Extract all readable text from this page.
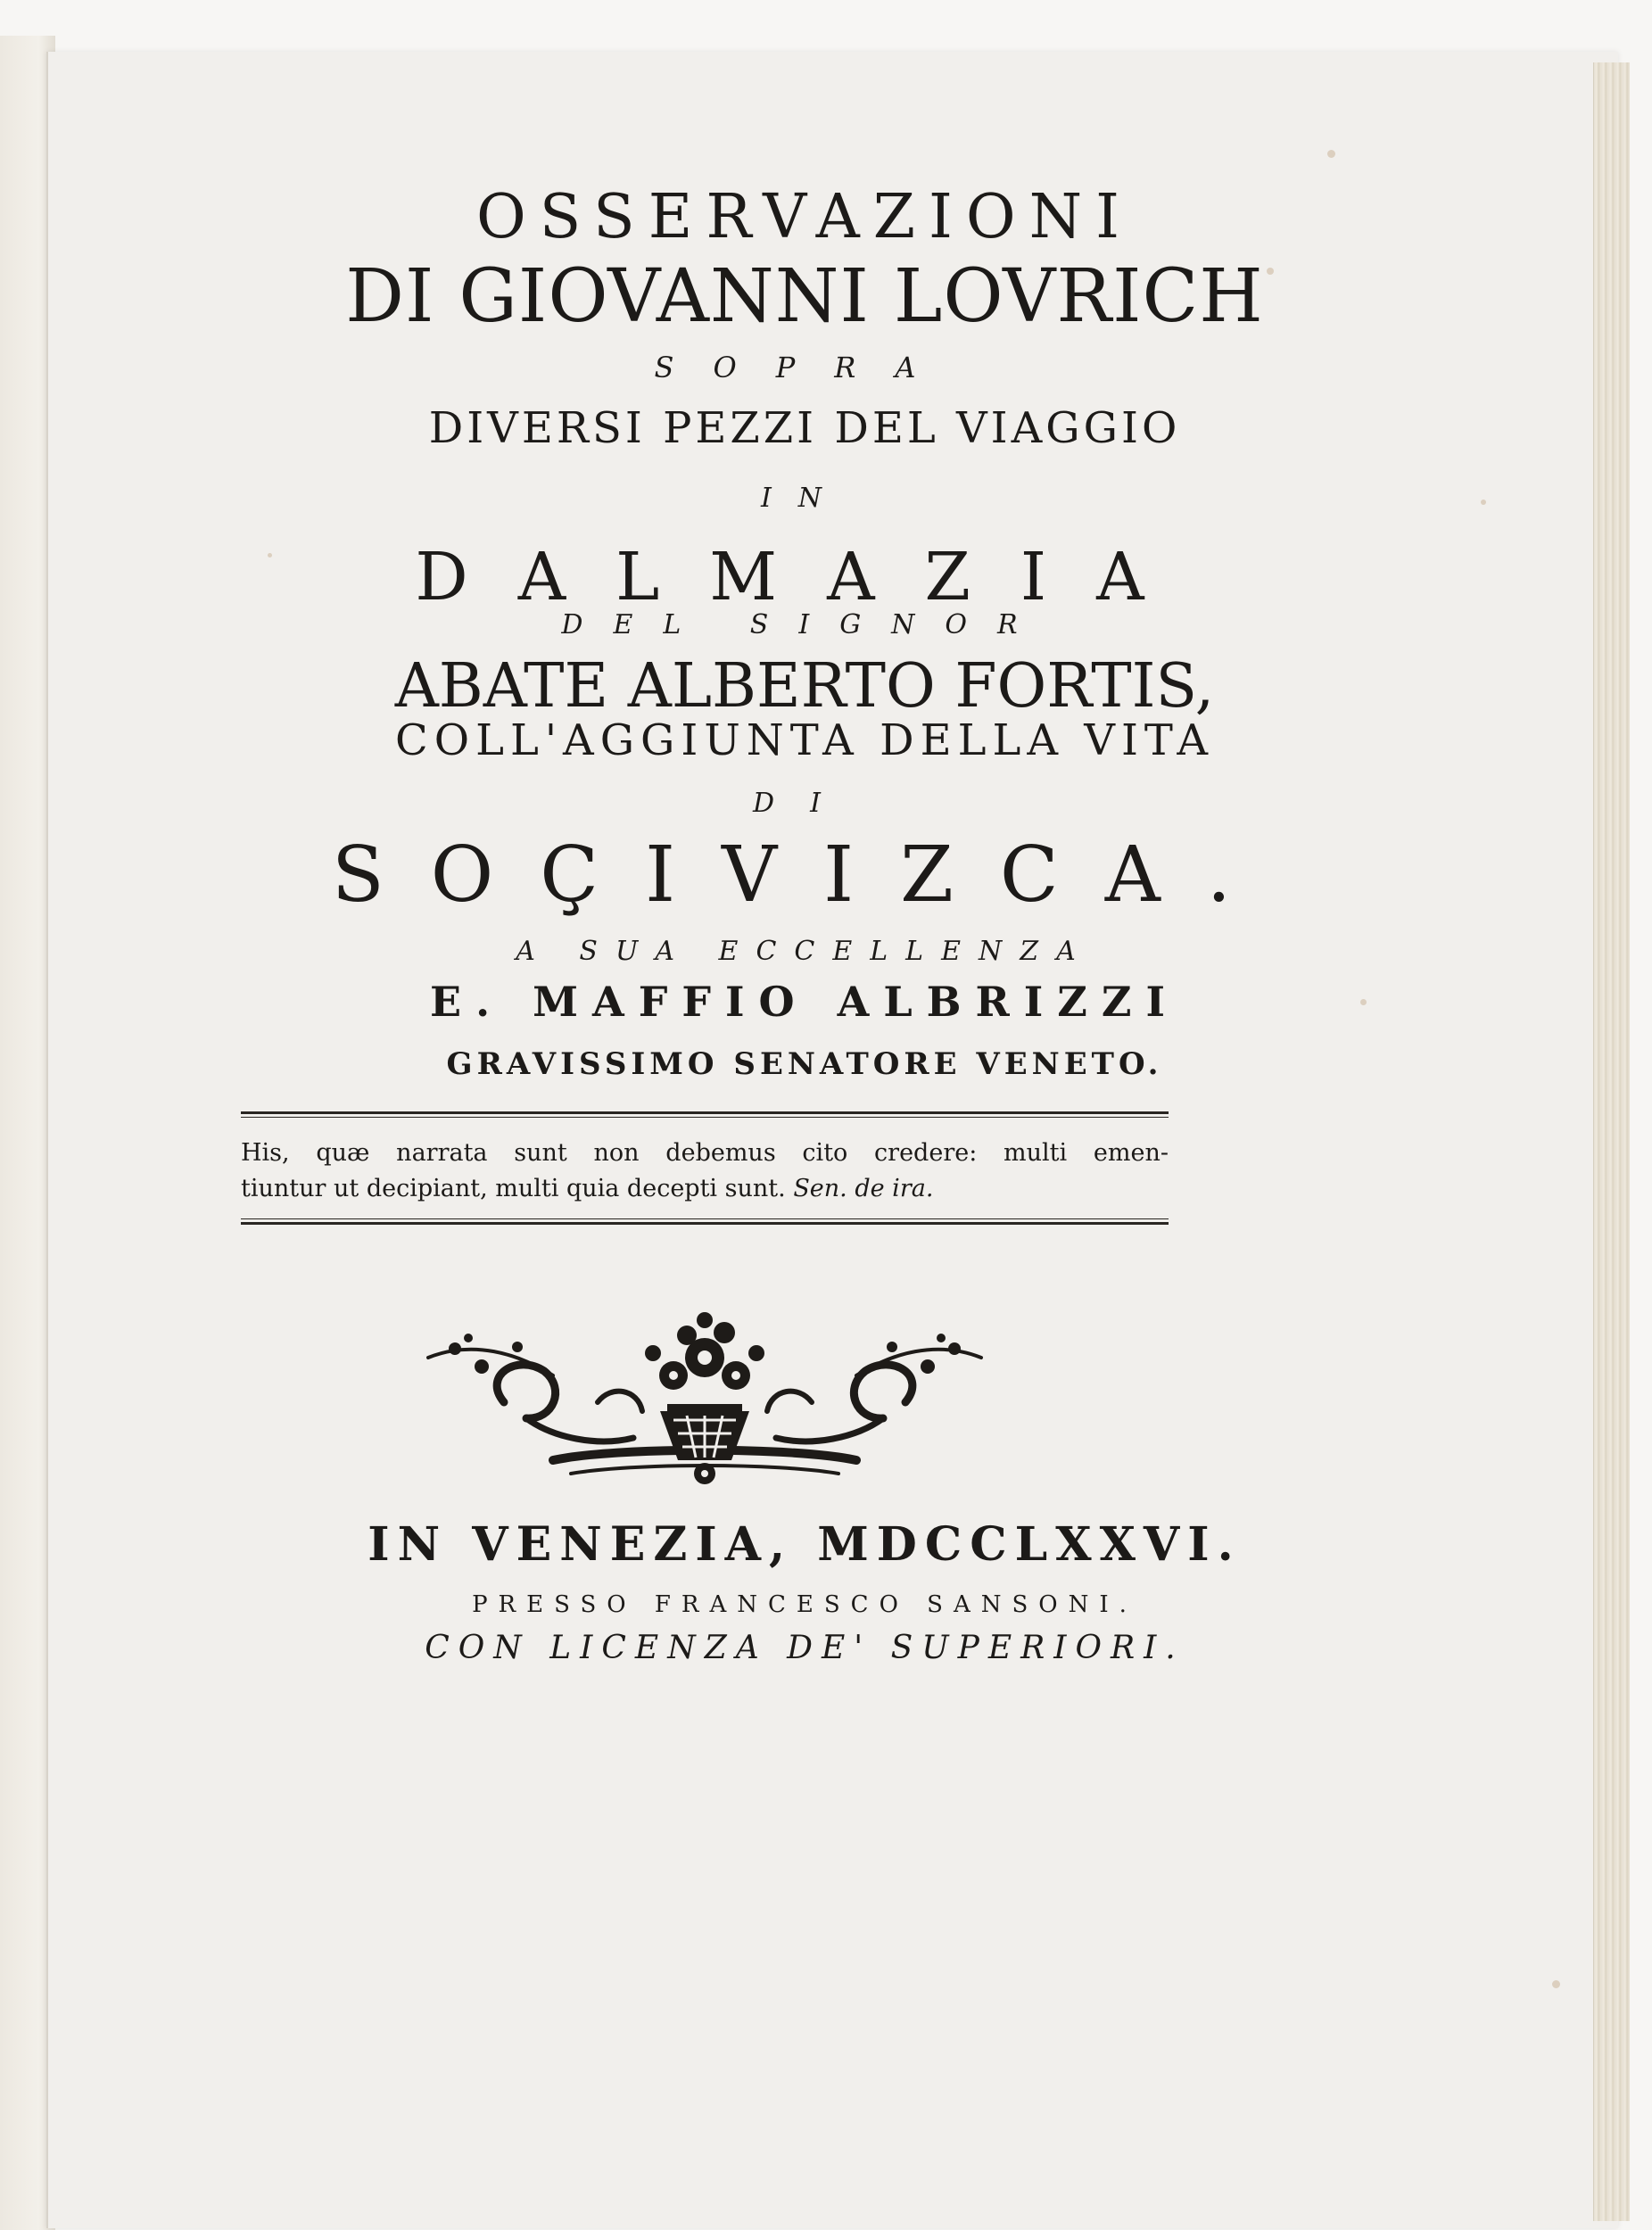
OSSERVAZIONI

DI GIOVANNI LOVRICH

SOPRA

DIVERSI PEZZI DEL VIAGGIO

IN

DALMAZIA

DEL SIGNOR

ABATE ALBERTO FORTIS,

COLL'AGGIUNTA DELLA VITA

DI

SOÇIVIZCA.

A SUA ECCELLENZA

E. MAFFIO ALBRIZZI

GRAVISSIMO SENATORE VENETO.

His, quæ narrata sunt non debemus cito credere: multi emen-

tiuntur ut decipiant, multi quia decepti sunt. Sen. de ira.

IN VENEZIA, MDCCLXXVI.

PRESSO FRANCESCO SANSONI.

CON LICENZA DE' SUPERIORI.
